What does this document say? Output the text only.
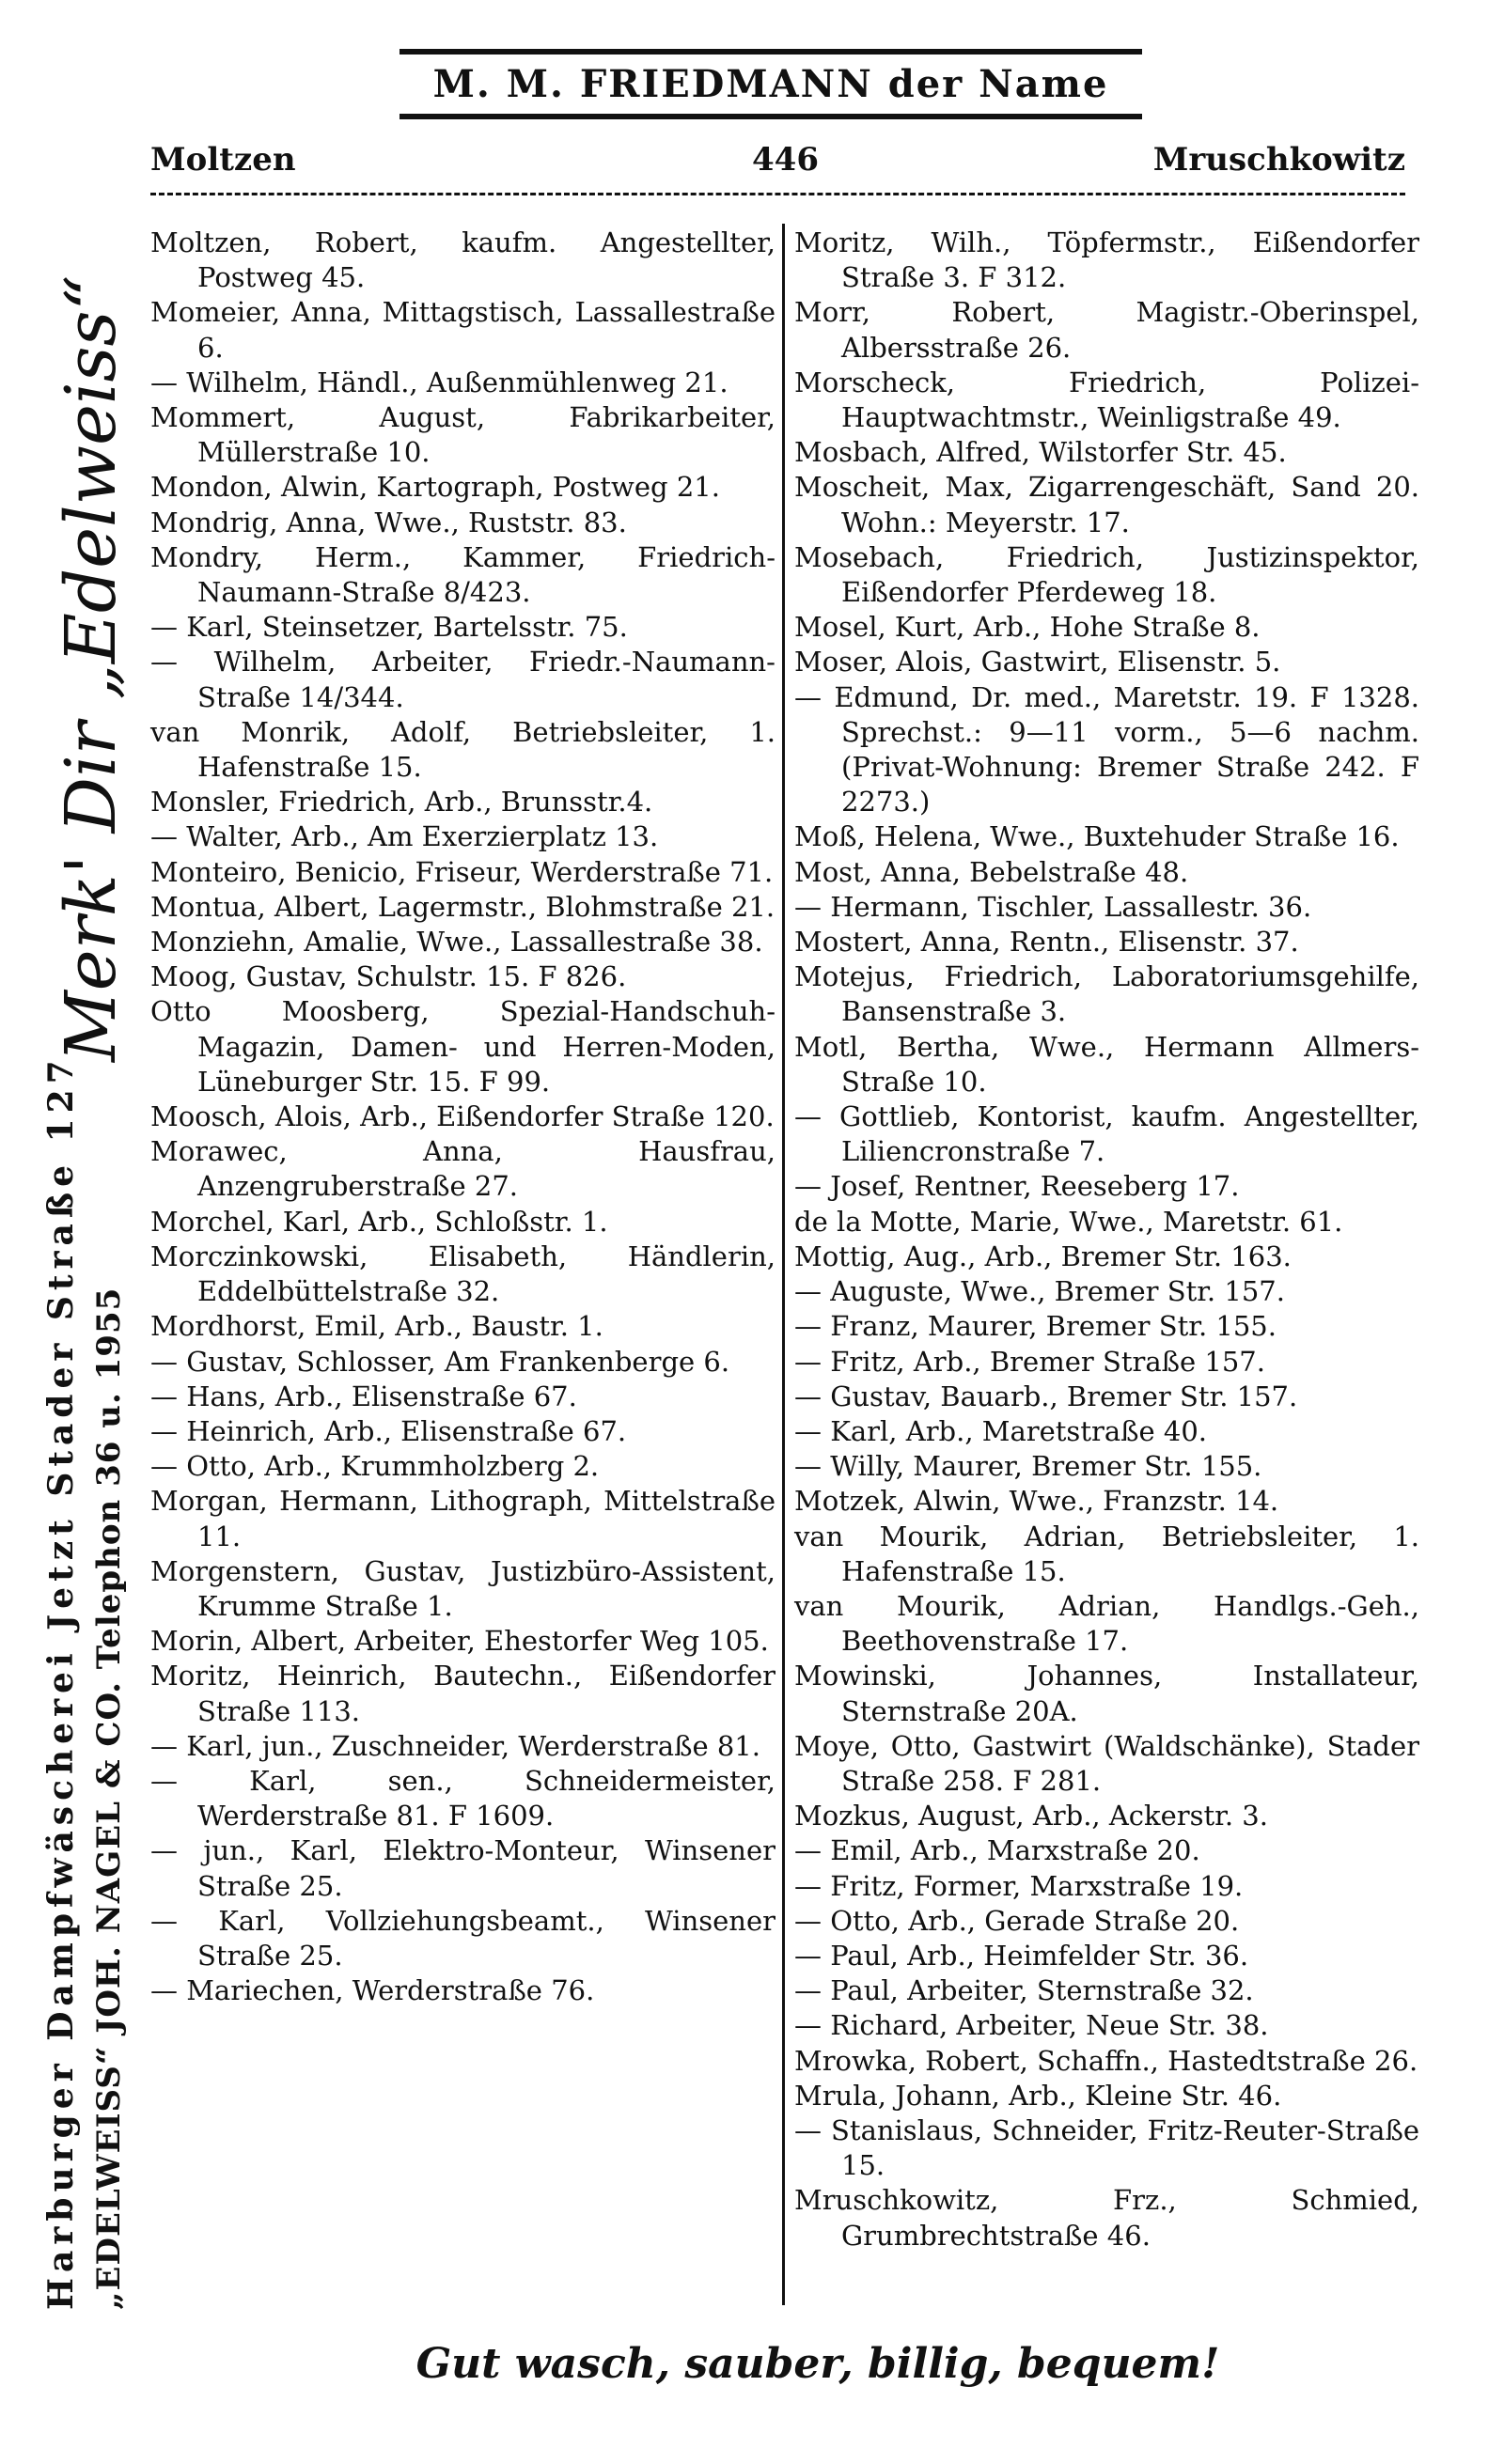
M. M. FRIEDMANN der Name
Moltzen	446	Mruschkowitz
Harburger Dampfwäscherei Jetzt Stader Straße 127 „EDELWEISS“ JOH. NAGEL & CO. Telephon 36 u. 1955
Merk' Dir „Edelweiss“

Moltzen, Robert, kaufm. Angestellter, Postweg 45.

Momeier, Anna, Mittagstisch, Lassallestraße 6.

— Wilhelm, Händl., Außenmühlenweg 21.

Mommert, August, Fabrikarbeiter, Müllerstraße 10.

Mondon, Alwin, Kartograph, Postweg 21.

Mondrig, Anna, Wwe., Ruststr. 83.

Mondry, Herm., Kammer, Friedrich-Naumann-Straße 8/423.

— Karl, Steinsetzer, Bartelsstr. 75.

— Wilhelm, Arbeiter, Friedr.-Naumann-Straße 14/344.

van Monrik, Adolf, Betriebsleiter, 1. Hafenstraße 15.

Monsler, Friedrich, Arb., Brunsstr.4.

— Walter, Arb., Am Exerzierplatz 13.

Monteiro, Benicio, Friseur, Werderstraße 71.

Montua, Albert, Lagermstr., Blohmstraße 21.

Monziehn, Amalie, Wwe., Lassallestraße 38.

Moog, Gustav, Schulstr. 15. F 826.

Otto Moosberg, Spezial-Handschuh-Magazin, Damen- und Herren-Moden, Lüneburger Str. 15. F 99.

Moosch, Alois, Arb., Eißendorfer Straße 120.

Morawec, Anna, Hausfrau, Anzengruberstraße 27.

Morchel, Karl, Arb., Schloßstr. 1.

Morczinkowski, Elisabeth, Händlerin, Eddelbüttelstraße 32.

Mordhorst, Emil, Arb., Baustr. 1.

— Gustav, Schlosser, Am Frankenberge 6.

— Hans, Arb., Elisenstraße 67.

— Heinrich, Arb., Elisenstraße 67.

— Otto, Arb., Krummholzberg 2.

Morgan, Hermann, Lithograph, Mittelstraße 11.

Morgenstern, Gustav, Justizbüro-Assistent, Krumme Straße 1.

Morin, Albert, Arbeiter, Ehestorfer Weg 105.

Moritz, Heinrich, Bautechn., Eißendorfer Straße 113.

— Karl, jun., Zuschneider, Werderstraße 81.

— Karl, sen., Schneidermeister, Werderstraße 81. F 1609.

— jun., Karl, Elektro-Monteur, Winsener Straße 25.

— Karl, Vollziehungsbeamt., Winsener Straße 25.

— Mariechen, Werderstraße 76.

Moritz, Wilh., Töpfermstr., Eißendorfer Straße 3. F 312.

Morr, Robert, Magistr.-Oberinspel, Albersstraße 26.

Morscheck, Friedrich, Polizei-Hauptwachtmstr., Weinligstraße 49.

Mosbach, Alfred, Wilstorfer Str. 45.

Moscheit, Max, Zigarrengeschäft, Sand 20. Wohn.: Meyerstr. 17.

Mosebach, Friedrich, Justizinspektor, Eißendorfer Pferdeweg 18.

Mosel, Kurt, Arb., Hohe Straße 8.

Moser, Alois, Gastwirt, Elisenstr. 5.

— Edmund, Dr. med., Maretstr. 19. F 1328. Sprechst.: 9—11 vorm., 5—6 nachm. (Privat-Wohnung: Bremer Straße 242. F 2273.)

Moß, Helena, Wwe., Buxtehuder Straße 16.

Most, Anna, Bebelstraße 48.

— Hermann, Tischler, Lassallestr. 36.

Mostert, Anna, Rentn., Elisenstr. 37.

Motejus, Friedrich, Laboratoriumsgehilfe, Bansenstraße 3.

Motl, Bertha, Wwe., Hermann Allmers-Straße 10.

— Gottlieb, Kontorist, kaufm. Angestellter, Liliencronstraße 7.

— Josef, Rentner, Reeseberg 17.

de la Motte, Marie, Wwe., Maretstr. 61.

Mottig, Aug., Arb., Bremer Str. 163.

— Auguste, Wwe., Bremer Str. 157.

— Franz, Maurer, Bremer Str. 155.

— Fritz, Arb., Bremer Straße 157.

— Gustav, Bauarb., Bremer Str. 157.

— Karl, Arb., Maretstraße 40.

— Willy, Maurer, Bremer Str. 155.

Motzek, Alwin, Wwe., Franzstr. 14.

van Mourik, Adrian, Betriebsleiter, 1. Hafenstraße 15.

van Mourik, Adrian, Handlgs.-Geh., Beethovenstraße 17.

Mowinski, Johannes, Installateur, Sternstraße 20A.

Moye, Otto, Gastwirt (Waldschänke), Stader Straße 258. F 281.

Mozkus, August, Arb., Ackerstr. 3.

— Emil, Arb., Marxstraße 20.

— Fritz, Former, Marxstraße 19.

— Otto, Arb., Gerade Straße 20.

— Paul, Arb., Heimfelder Str. 36.

— Paul, Arbeiter, Sternstraße 32.

— Richard, Arbeiter, Neue Str. 38.

Mrowka, Robert, Schaffn., Hastedtstraße 26.

Mrula, Johann, Arb., Kleine Str. 46.

— Stanislaus, Schneider, Fritz-Reuter-Straße 15.

Mruschkowitz, Frz., Schmied, Grumbrechtstraße 46.

Gut wasch, sauber, billig, bequem!
